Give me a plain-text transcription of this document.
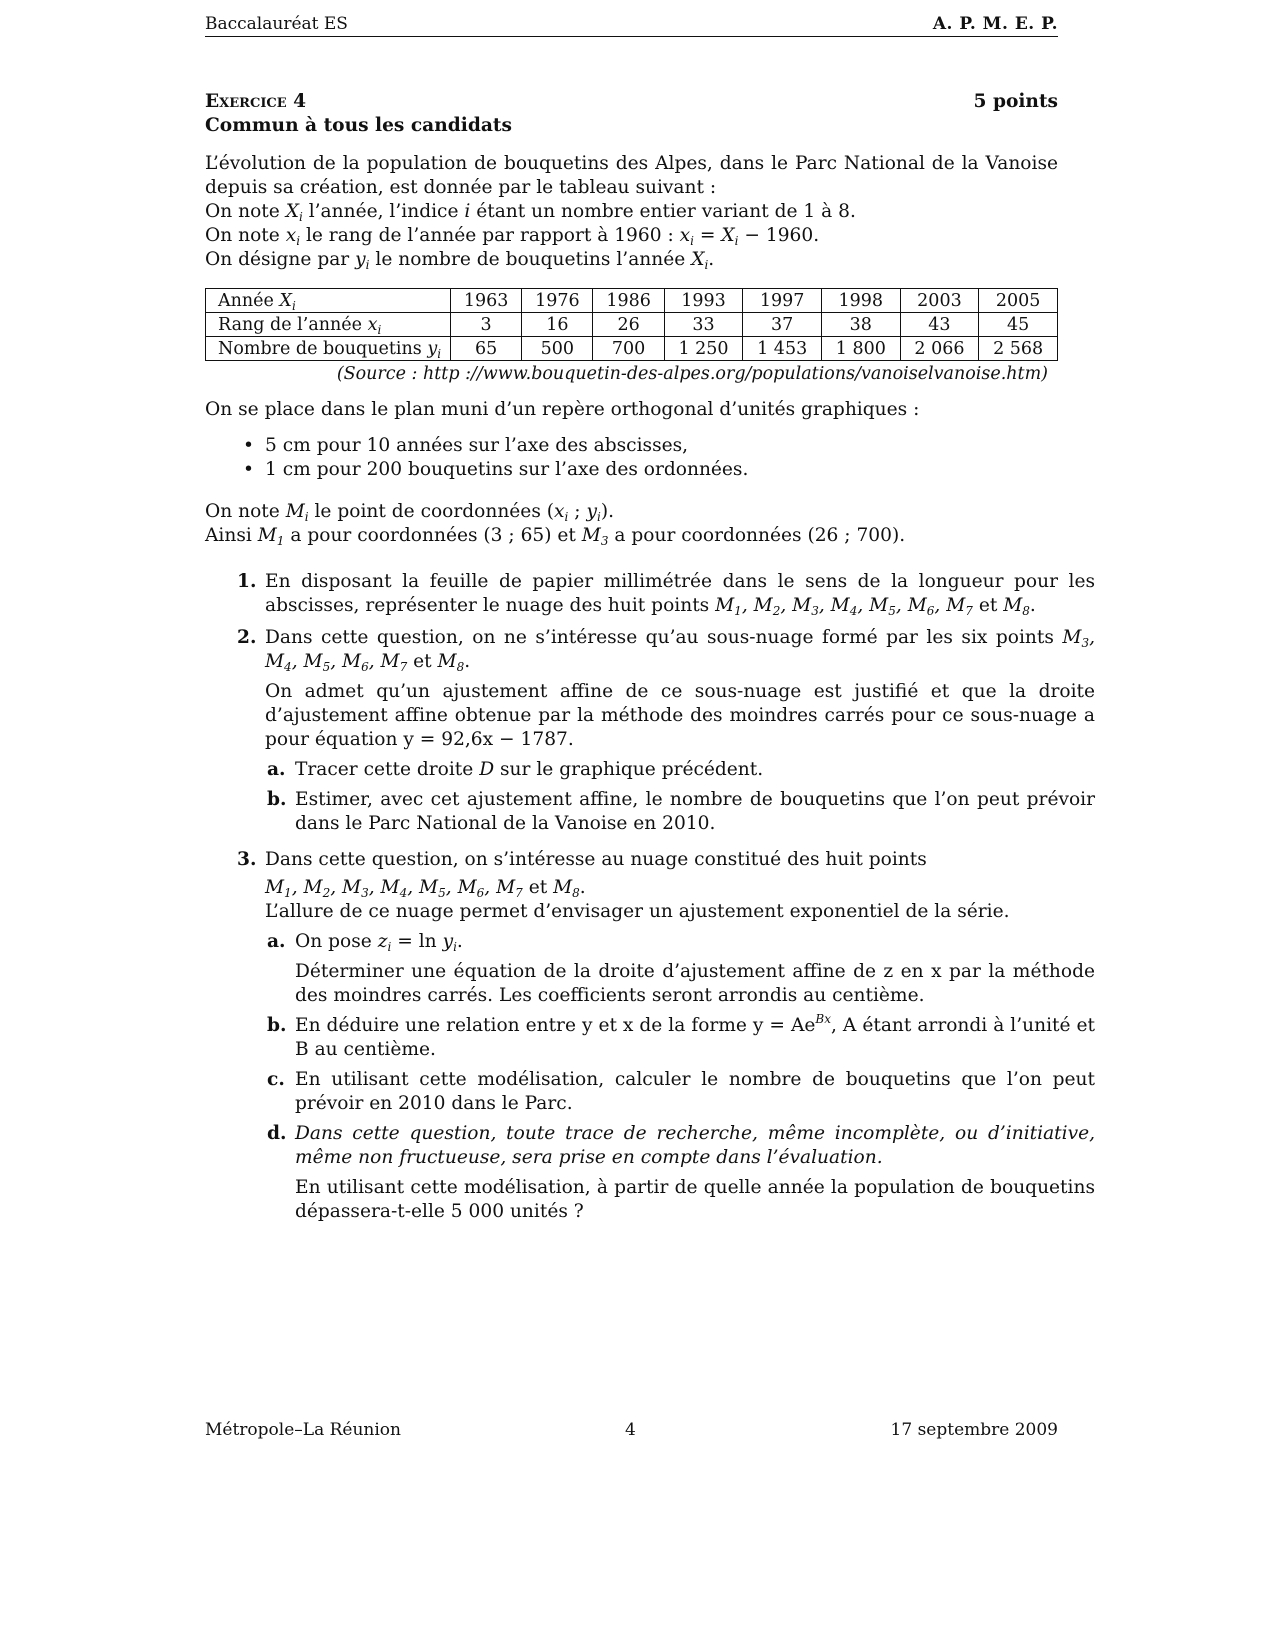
Baccalauréat ES	A. P. M. E. P.
Exercice 4	5 points
Commun à tous les candidats

L’évolution de la population de bouquetins des Alpes, dans le Parc National de la Vanoise depuis sa création, est donnée par le tableau suivant :

On note $X_i$ l’année, l’indice i étant un nombre entier variant de 1 à 8.

On note $x_i$ le rang de l’année par rapport à 1960 : $x_i = X_i - 1960$.

On désigne par $y_i$ le nombre de bouquetins l’année $X_i$.

Année $X_i$	1963	1976	1986	1993	1997	1998	2003	2005
Rang de l’année $x_i$	3	16	26	33	37	38	43	45
Nombre de bouquetins $y_i$	65	500	700	1 250	1 453	1 800	2 066	2 568
(Source : http ://www.bouquetin-des-alpes.org/populations/vanoiselvanoise.htm)

On se place dans le plan muni d’un repère orthogonal d’unités graphiques :

• 5 cm pour 10 années sur l’axe des abscisses,
• 1 cm pour 200 bouquetins sur l’axe des ordonnées.

On note $M_i$ le point de coordonnées ($x_i$ ; $y_i$).

Ainsi $M_1$ a pour coordonnées (3 ; 65) et $M_3$ a pour coordonnées (26 ; 700).

1. En disposant la feuille de papier millimétrée dans le sens de la longueur pour les abscisses, représenter le nuage des huit points $M_1$, $M_2$, $M_3$, $M_4$, $M_5$, $M_6$, $M_7$ et $M_8$.

2. Dans cette question, on ne s’intéresse qu’au sous-nuage formé par les six points $M_3$, $M_4$, $M_5$, $M_6$, $M_7$ et $M_8$.

On admet qu’un ajustement affine de ce sous-nuage est justifié et que la droite d’ajustement affine obtenue par la méthode des moindres carrés pour ce sous-nuage a pour équation y = 92,6x − 1787.

a. Tracer cette droite D sur le graphique précédent.

b. Estimer, avec cet ajustement affine, le nombre de bouquetins que l’on peut prévoir dans le Parc National de la Vanoise en 2010.

3. Dans cette question, on s’intéresse au nuage constitué des huit points

$M_1$, $M_2$, $M_3$, $M_4$, $M_5$, $M_6$, $M_7$ et $M_8$.

L’allure de ce nuage permet d’envisager un ajustement exponentiel de la série.

a. On pose $z_i = \ln y_i$.

Déterminer une équation de la droite d’ajustement affine de z en x par la méthode des moindres carrés. Les coefficients seront arrondis au centième.

b. En déduire une relation entre y et x de la forme $y = Ae^{Bx}$, A étant arrondi à l’unité et B au centième.

c. En utilisant cette modélisation, calculer le nombre de bouquetins que l’on peut prévoir en 2010 dans le Parc.

d. Dans cette question, toute trace de recherche, même incomplète, ou d’initiative, même non fructueuse, sera prise en compte dans l’évaluation.

En utilisant cette modélisation, à partir de quelle année la population de bouquetins dépassera-t-elle 5 000 unités ?

Métropole–La Réunion	4	17 septembre 2009
